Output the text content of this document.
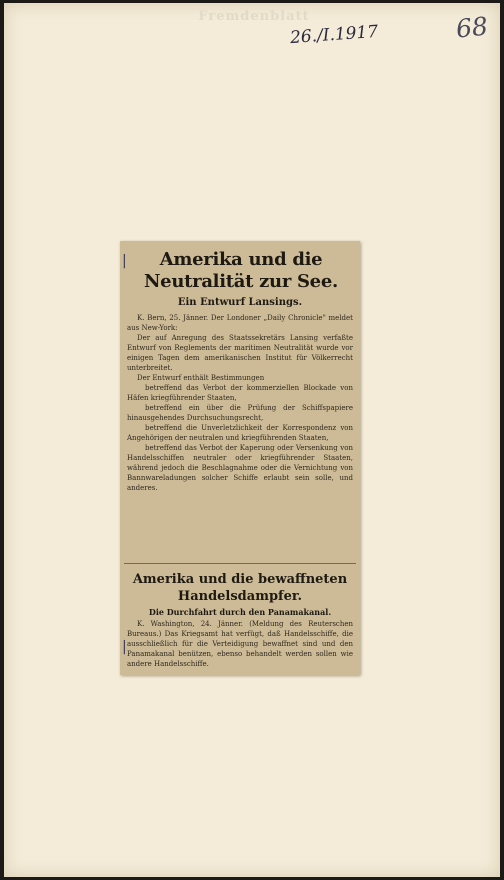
Fremdenblatt
26./I.1917	68
Amerika und die Neutralität zur See.
Ein Entwurf Lansings.

K. Bern, 25. Jänner. Der Londoner „Daily Chronicle" meldet aus New-York:

Der auf Anregung des Staatssekretärs Lansing verfaßte Entwurf von Reglements der maritimen Neutralität wurde vor einigen Tagen dem amerikanischen Institut für Völkerrecht unterbreitet.

Der Entwurf enthält Bestimmungen

betreffend das Verbot der kommerziellen Blockade von Häfen kriegführender Staaten,

betreffend ein über die Prüfung der Schiffspapiere hinausgehendes Durchsuchungsrecht,

betreffend die Unverletzlichkeit der Korrespondenz von Angehörigen der neutralen und kriegführenden Staaten,

betreffend das Verbot der Kaperung oder Versenkung von Handelsschiffen neutraler oder kriegführender Staaten, während jedoch die Beschlagnahme oder die Vernichtung von Bannwareladungen solcher Schiffe erlaubt sein solle, und anderes.

Amerika und die bewaffneten Handelsdampfer.
Die Durchfahrt durch den Panamakanal.

K. Washington, 24. Jänner. (Meldung des Reuterschen Bureaus.) Das Kriegsamt hat verfügt, daß Handelsschiffe, die ausschließlich für die Verteidigung bewaffnet sind und den Panamakanal benützen, ebenso behandelt werden sollen wie andere Handelsschiffe.

|
|
